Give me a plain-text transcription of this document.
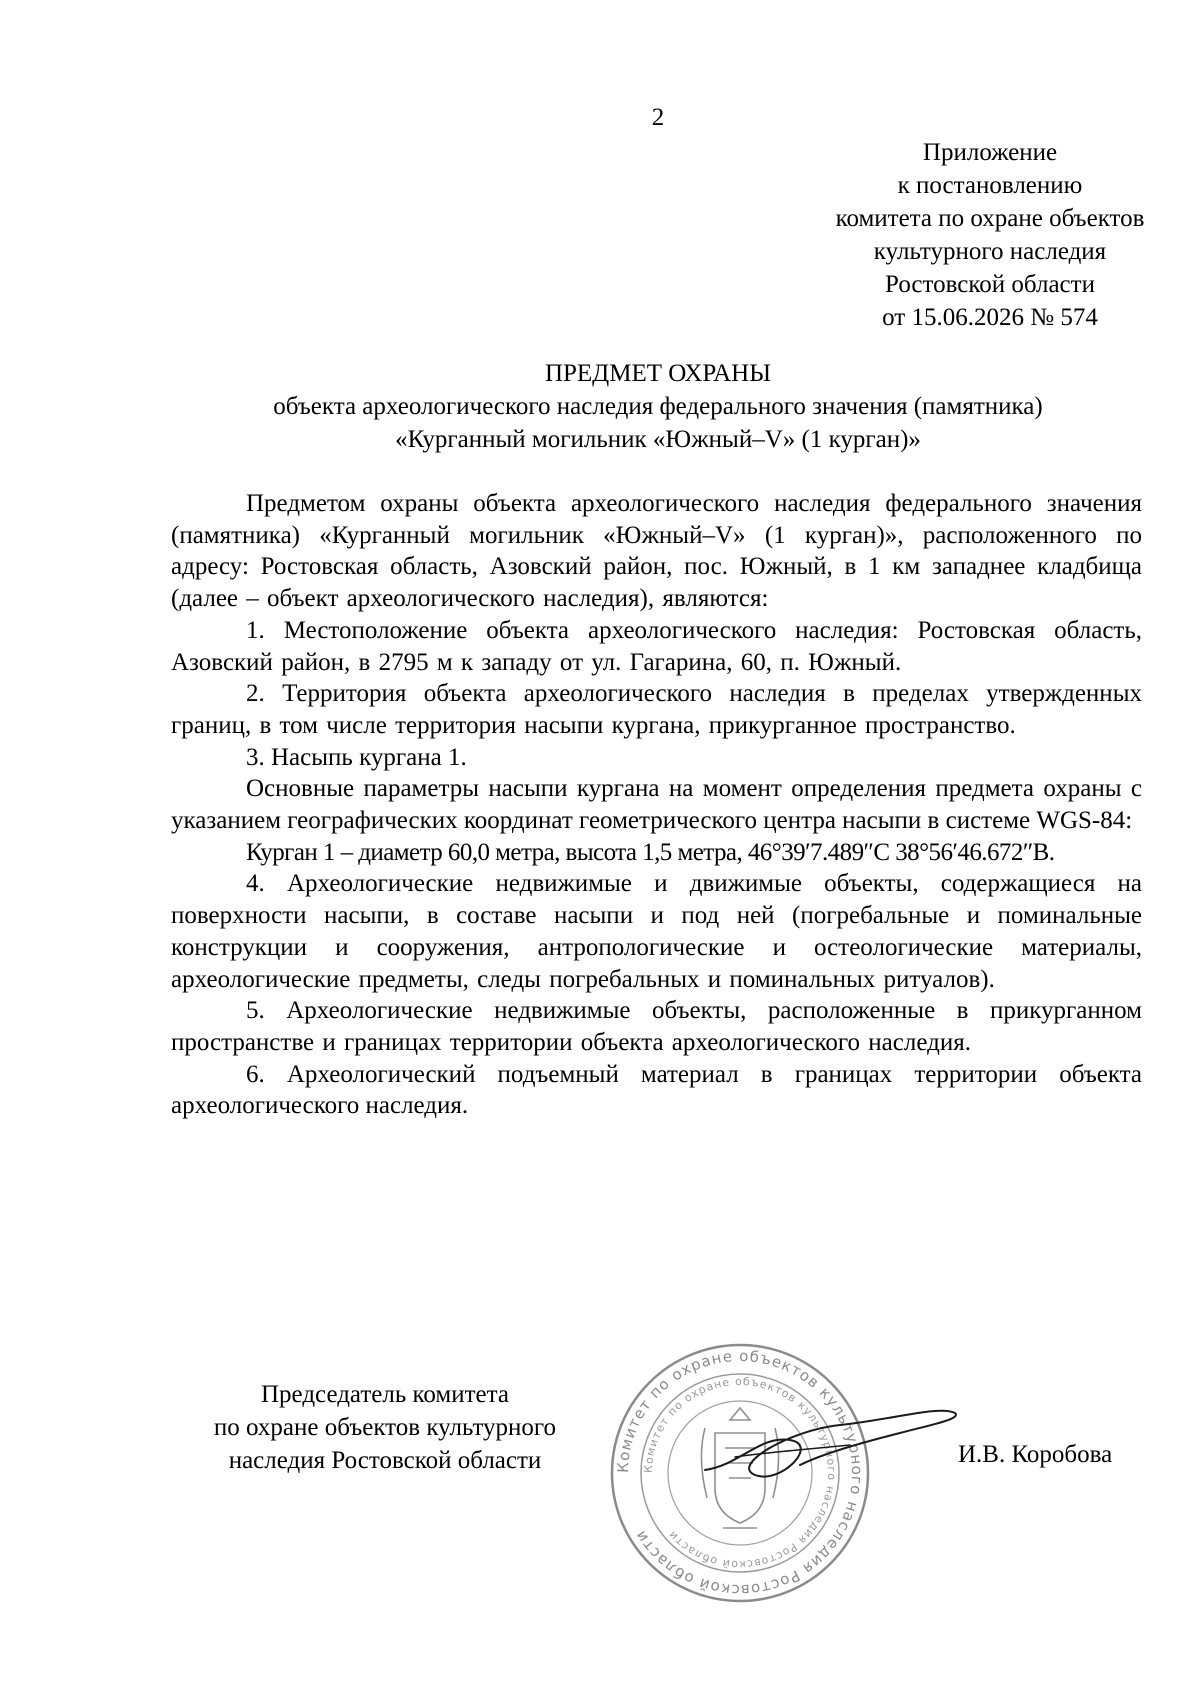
2
Приложение
к постановлению
комитета по охране объектов
культурного наследия
Ростовской области
от 15.06.2026 № 574
ПРЕДМЕТ ОХРАНЫ
объекта археологического наследия федерального значения (памятника)
«Курганный могильник «Южный–V» (1 курган)»

Предметом охраны объекта археологического наследия федерального значения (памятника) «Курганный могильник «Южный–V» (1 курган)», расположенного по адресу: Ростовская область, Азовский район, пос. Южный, в 1 км западнее кладбища (далее – объект археологического наследия), являются:

1. Местоположение объекта археологического наследия: Ростовская область, Азовский район, в 2795 м к западу от ул. Гагарина, 60, п. Южный.

2. Территория объекта археологического наследия в пределах утвержденных границ, в том числе территория насыпи кургана, прикурганное пространство.

3. Насыпь кургана 1.

Основные параметры насыпи кургана на момент определения предмета охраны с указанием географических координат геометрического центра насыпи в системе WGS-84:

Курган 1 – диаметр 60,0 метра, высота 1,5 метра, 46°39′7.489″С 38°56′46.672″В.

4. Археологические недвижимые и движимые объекты, содержащиеся на поверхности насыпи, в составе насыпи и под ней (погребальные и поминальные конструкции и сооружения, антропологические и остеологические материалы, археологические предметы, следы погребальных и поминальных ритуалов).

5. Археологические недвижимые объекты, расположенные в прикурганном пространстве и границах территории объекта археологического наследия.

6. Археологический подъемный материал в границах территории объекта археологического наследия.

Председатель комитета
по охране объектов культурного
наследия Ростовской области	Комитет по охране объектов культурного наследия Ростовской области
Комитет по охране объектов культурного наследия Ростовской области
И.В. Коробова
